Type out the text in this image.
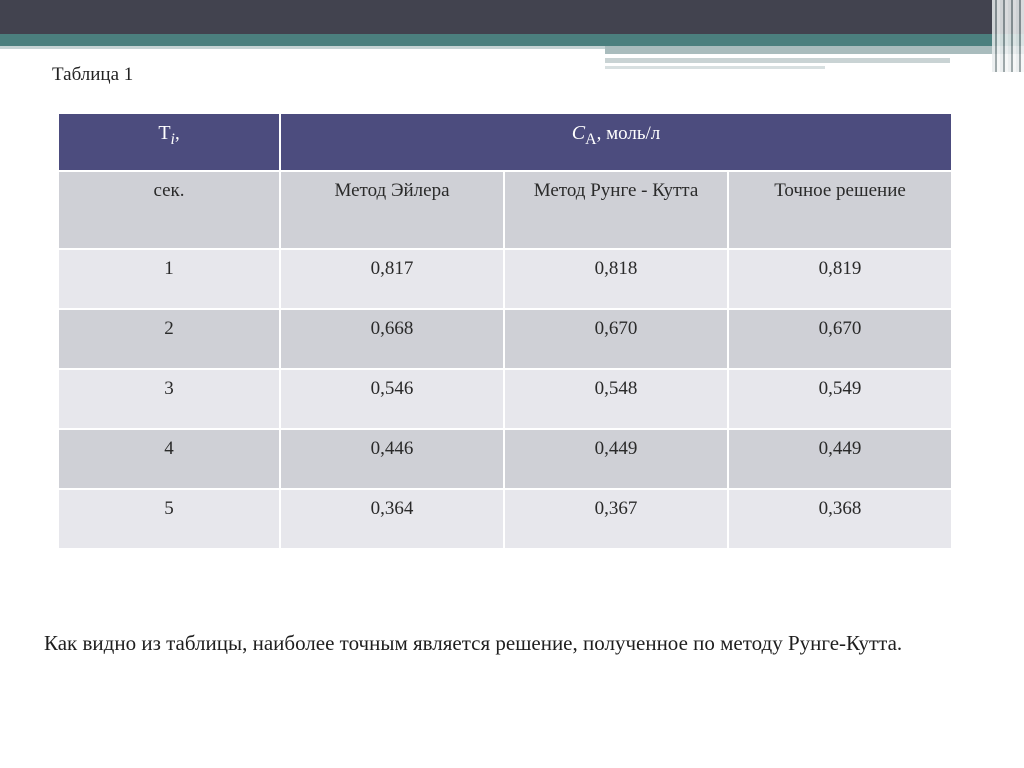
Таблица 1
$T_i$,	$C_A$, моль/л		
сек.	Метод Эйлера	Метод Рунге - Кутта	Точное решение
1	0,817	0,818	0,819
2	0,668	0,670	0,670
3	0,546	0,548	0,549
4	0,446	0,449	0,449
5	0,364	0,367	0,368
Как видно из таблицы, наиболее точным является решение, полученное по методу Рунге-Кутта.
